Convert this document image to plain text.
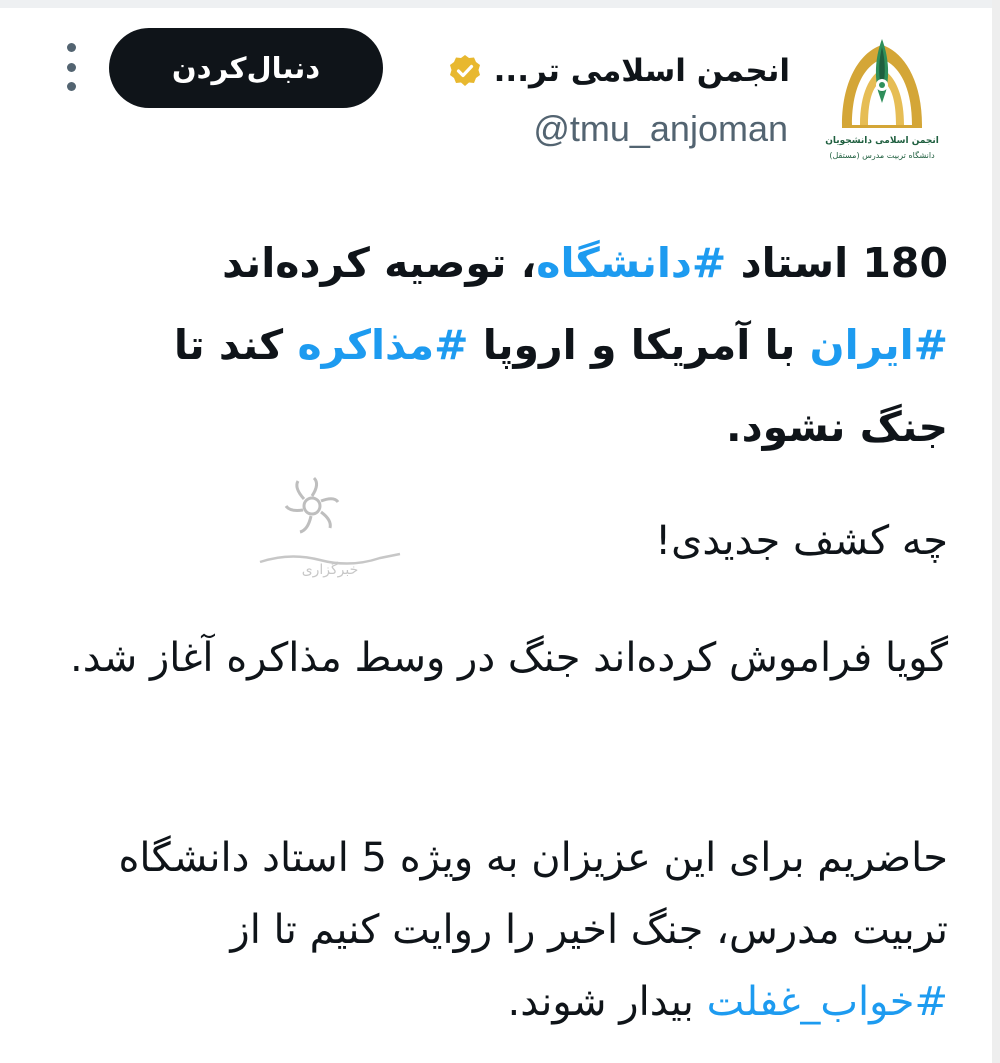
انجمن اسلامی دانشجویان
دانشگاه تربیت مدرس (مستقل)
انجمن اسلامی تر...
@tmu_anjoman
دنبال‌کردن
180 استاد #دانشگاه، توصیه کرده‌اند #ایران با آمریکا و اروپا #مذاکره کند تا جنگ نشود.
خبرگزاری
چه کشف جدیدی!
گویا فراموش کرده‌اند جنگ در وسط مذاکره آغاز شد.
حاضریم برای این عزیزان به ویژه 5 استاد دانشگاه تربیت مدرس، جنگ اخیر را روایت کنیم تا از #خواب_غفلت بیدار شوند.
